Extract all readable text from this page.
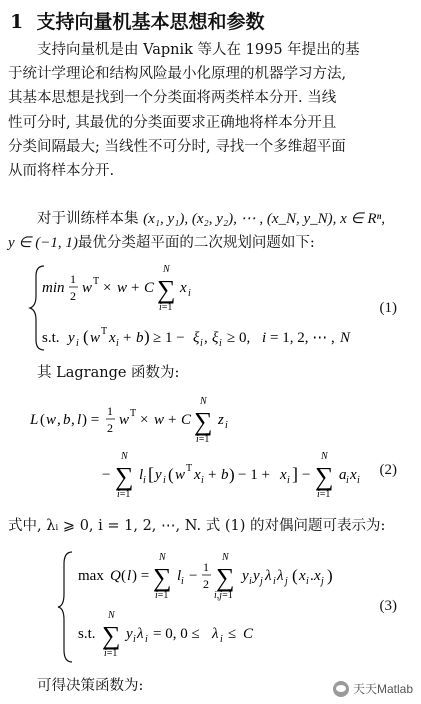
1 支持向量机基本思想和参数
支持向量机是由 Vapnik 等人在 1995 年提出的基
于统计学理论和结构风险最小化原理的机器学习方法,
其基本思想是找到一个分类面将两类样本分开. 当线
性可分时, 其最优的分类面要求正确地将样本分开且
分类间隔最大; 当线性不可分时, 寻找一个多维超平面
从而将样本分开.
对于训练样本集 (x₁, y₁), (x₂, y₂), ⋯ , (x_N, y_N), x ∈ Rⁿ,
y ∈ (−1, 1)最优分类超平面的二次规划问题如下:
min
1
2 w T × w + C ∑
N
i=1
x i
s.t. y i ( w T x i + b ) ≥ 1 − ξ i , ξ i ≥ 0, i = 1, 2, ⋯ , N
(1)
其 Lagrange 函数为:
L ( w , b , l ) =
1
2 w T × w + C ∑
N
i=1
z i
− ∑
N
i=1
l i [ y i ( w T x i + b ) − 1 + x i ] − ∑
N
i=1
a i x i
(2)
式中, λᵢ ⩾ 0, i = 1, 2, ⋯, N. 式 (1) 的对偶问题可表示为:
max Q ( l ) = ∑
N
i=1
l i −
1
2 ∑
N
i,j=1
y i y j λ i λ j ( x i . x j )
s.t. ∑
N
i=1
y i λ i = 0, 0 ≤ λ i ≤ C
(3)
可得决策函数为:	天天Matlab
